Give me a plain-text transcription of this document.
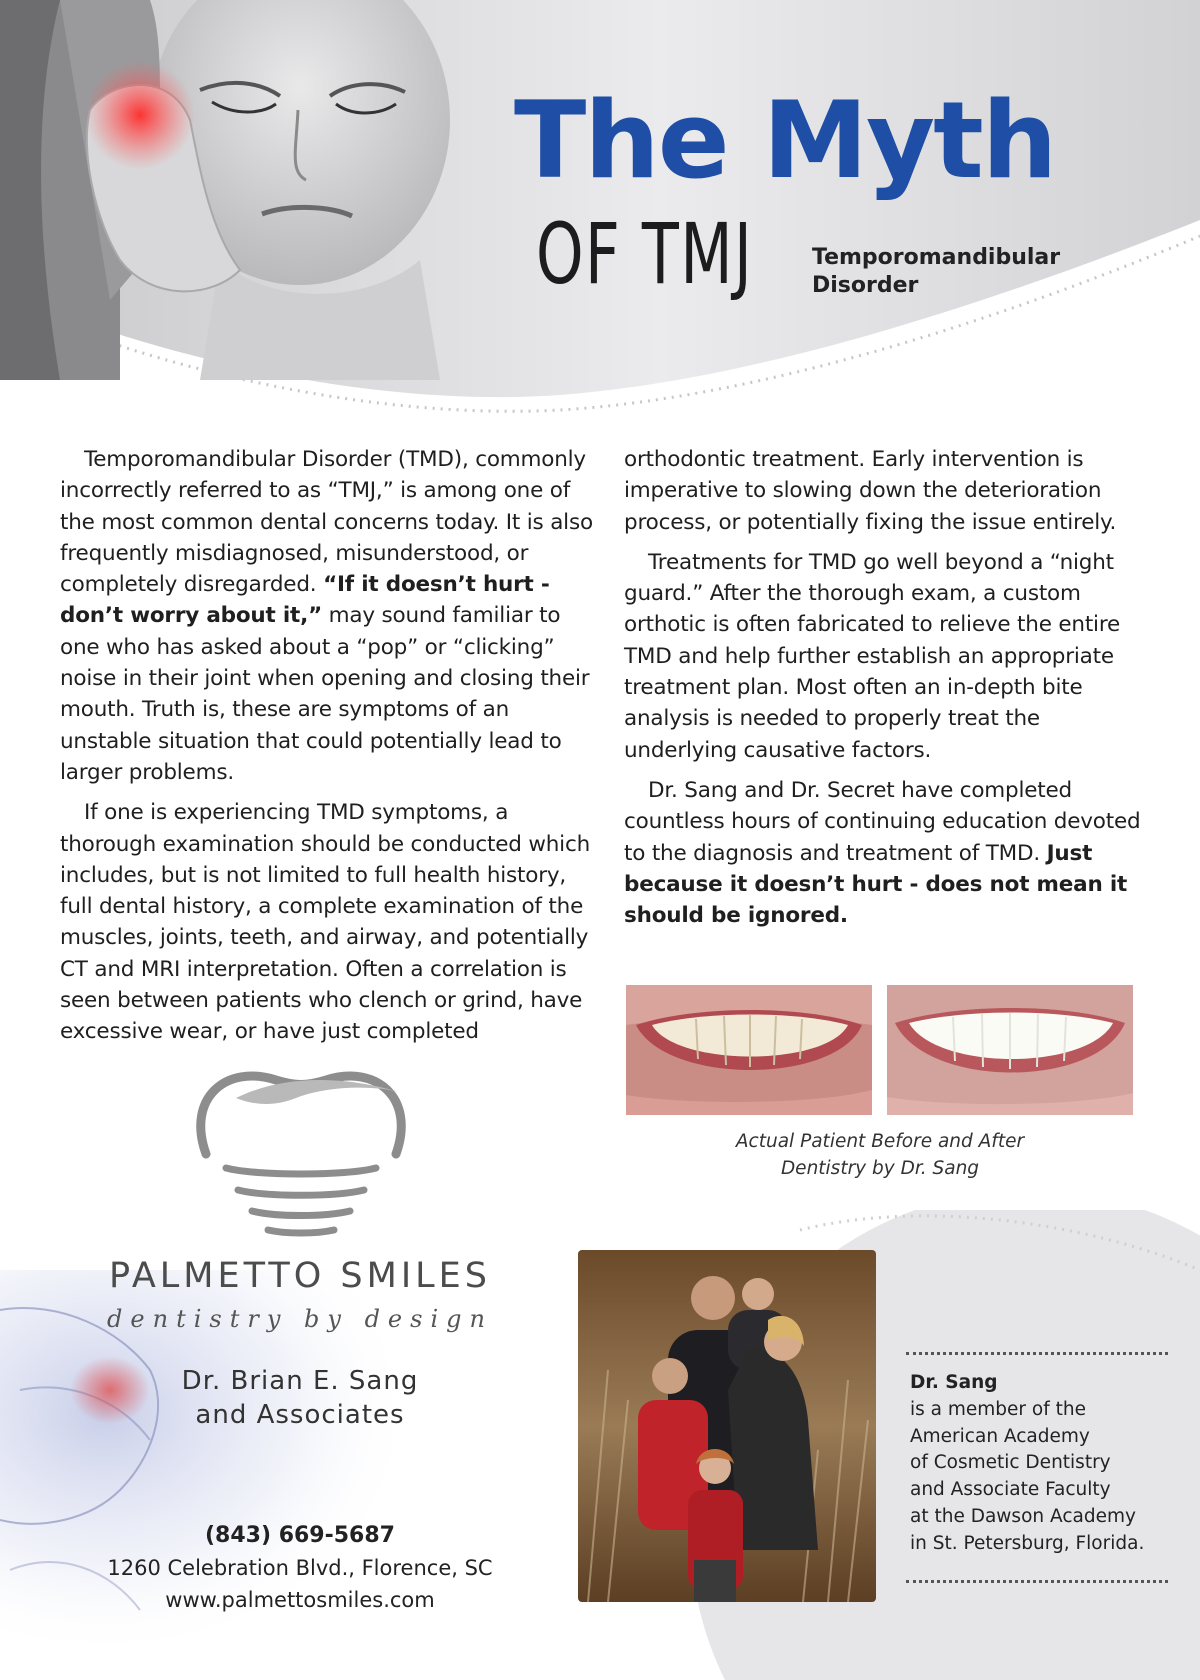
The Myth
OF TMJ	Temporomandibular
Disorder

Temporomandibular Disorder (TMD), commonly incorrectly referred to as “TMJ,” is among one of the most common dental concerns today. It is also frequently misdiagnosed, misunderstood, or completely disregarded. “If it doesn’t hurt - don’t worry about it,” may sound familiar to one who has asked about a “pop” or “clicking” noise in their joint when opening and closing their mouth. Truth is, these are symptoms of an unstable situation that could potentially lead to larger problems.

If one is experiencing TMD symptoms, a thorough examination should be conducted which includes, but is not limited to full health history, full dental history, a complete examination of the muscles, joints, teeth, and airway, and potentially CT and MRI interpretation. Often a correlation is seen between patients who clench or grind, have excessive wear, or have just completed

orthodontic treatment. Early intervention is imperative to slowing down the deterioration process, or potentially fixing the issue entirely.

Treatments for TMD go well beyond a “night guard.” After the thorough exam, a custom orthotic is often fabricated to relieve the entire TMD and help further establish an appropriate treatment plan. Most often an in-depth bite analysis is needed to properly treat the underlying causative factors.

Dr. Sang and Dr. Secret have completed countless hours of continuing education devoted to the diagnosis and treatment of TMD. Just because it doesn’t hurt - does not mean it should be ignored.

Actual Patient Before and After
Dentistry by Dr. Sang
PALMETTO SMILES
dentistry by design
Dr. Brian E. Sang
and Associates
(843) 669-5687
1260 Celebration Blvd., Florence, SC
www.palmettosmiles.com
Dr. Sang
is a member of the
American Academy
of Cosmetic Dentistry
and Associate Faculty
at the Dawson Academy
in St. Petersburg, Florida.
